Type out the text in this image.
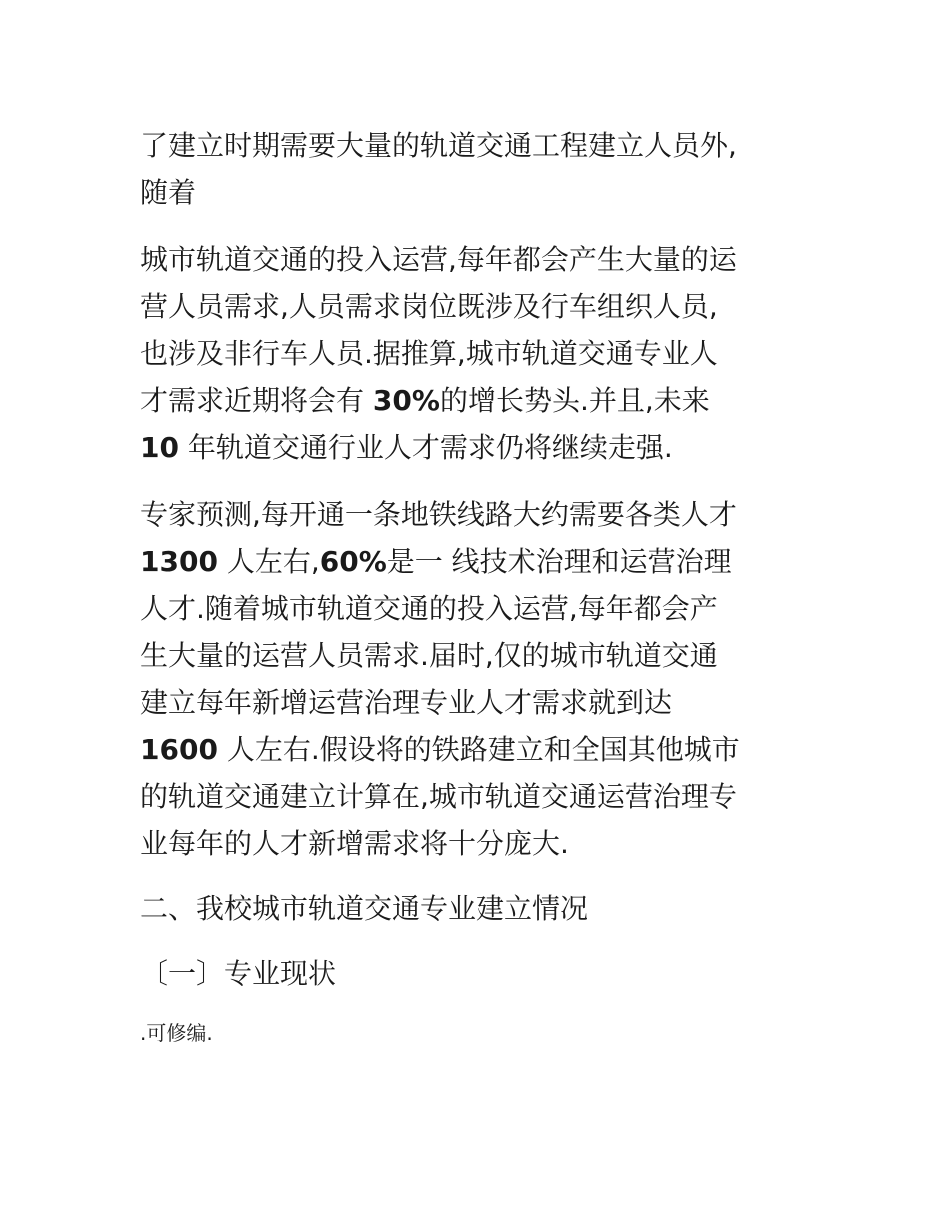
了建立时期需要大量的轨道交通工程建立人员外,
随着

城市轨道交通的投入运营,每年都会产生大量的运
营人员需求,人员需求岗位既涉及行车组织人员,
也涉及非行车人员.据推算,城市轨道交通专业人
才需求近期将会有 30%的增长势头.并且,未来
10 年轨道交通行业人才需求仍将继续走强.

专家预测,每开通一条地铁线路大约需要各类人才
1300 人左右,60%是一 线技术治理和运营治理
人才.随着城市轨道交通的投入运营,每年都会产
生大量的运营人员需求.届时,仅的城市轨道交通
建立每年新增运营治理专业人才需求就到达
1600 人左右.假设将的铁路建立和全国其他城市
的轨道交通建立计算在,城市轨道交通运营治理专
业每年的人才新增需求将十分庞大.

二、我校城市轨道交通专业建立情况

〔一〕专业现状

.可修编.
